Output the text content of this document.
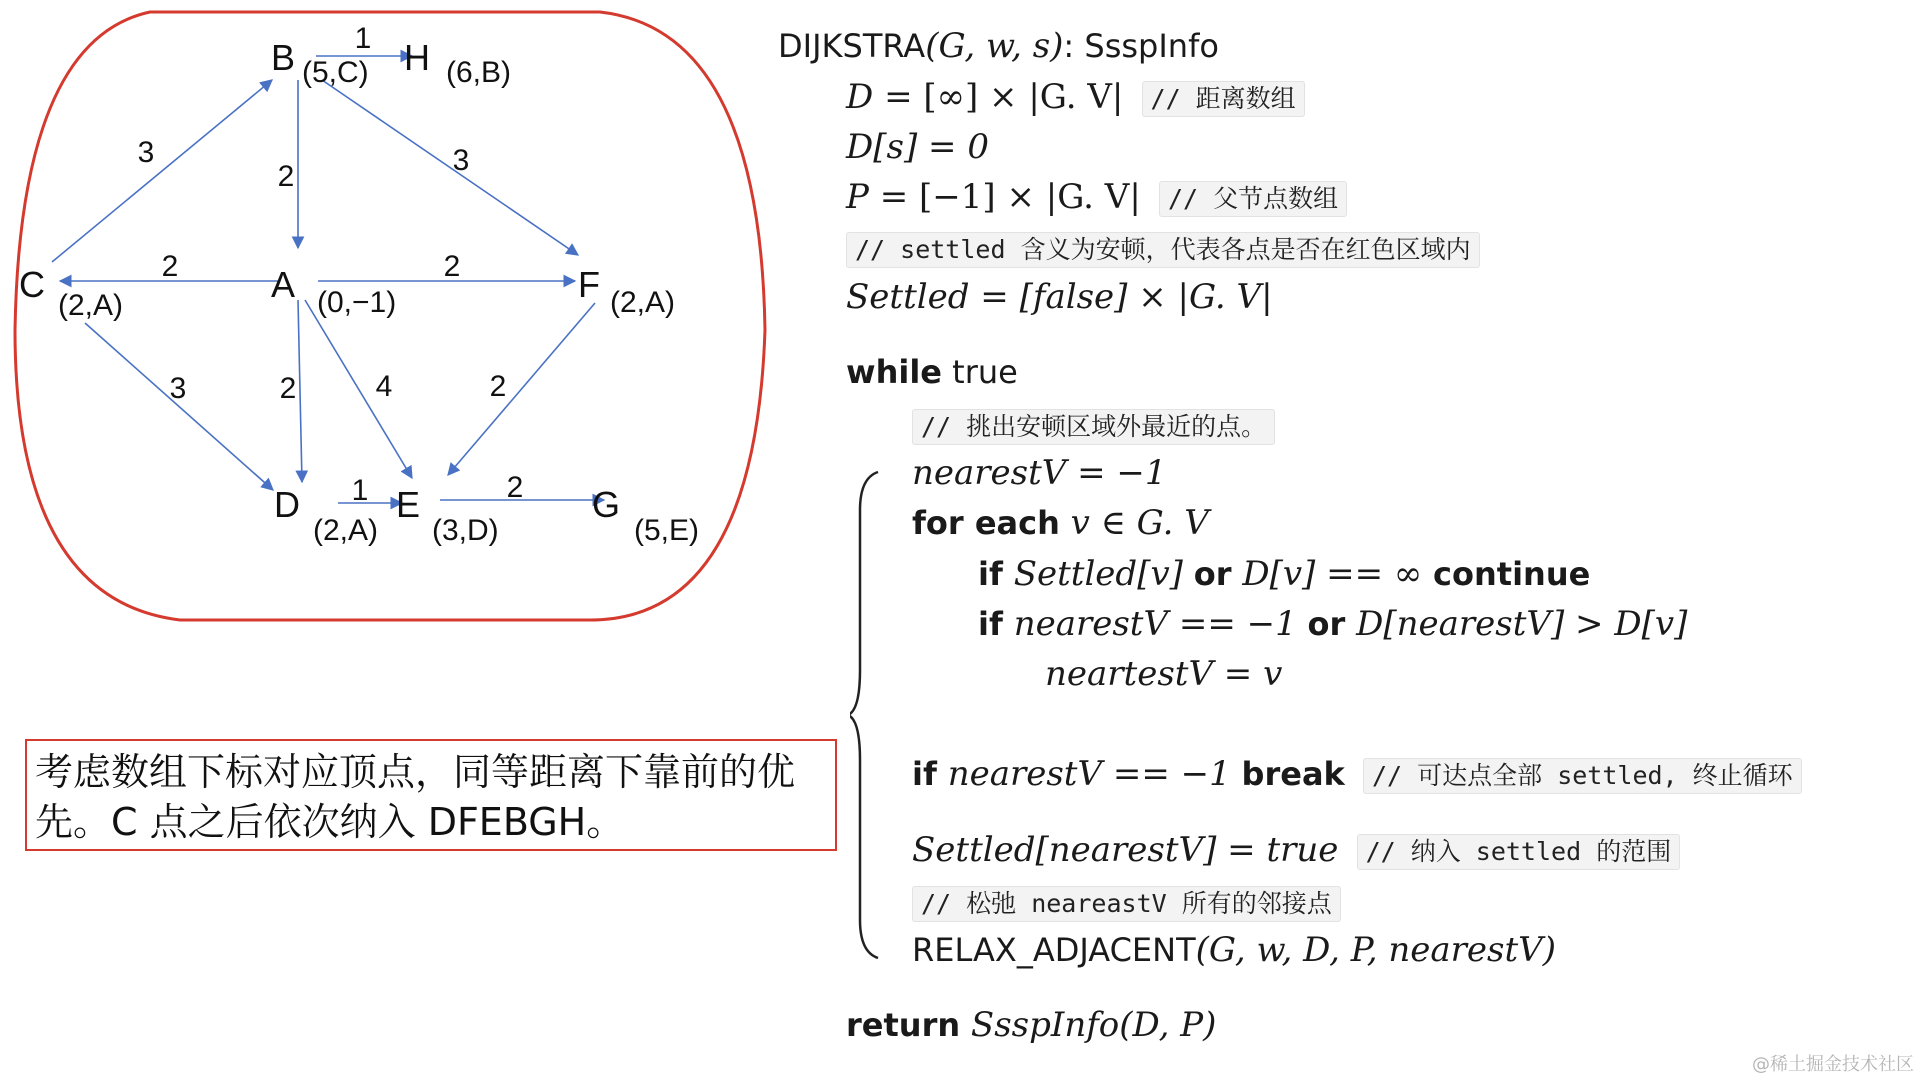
1
3
2	3
2	2
3	2	4	2
1	2
B (5,C) H (6,B)
C
(2,A)
A (0,−1)	F (2,A)
D
(2,A)
E
(3,D)
G
(5,E)
考虑数组下标对应顶点，同等距离下靠前的优
先。C 点之后依次纳入 DFEBGH。
DIJKSTRA(G, w, s): SsspInfo
D = [∞] × |G. V| // 距离数组
D[s] = 0
P = [−1] × |G. V| // 父节点数组
// settled 含义为安顿，代表各点是否在红色区域内
Settled = [false] × |G. V|
while true
// 挑出安顿区域外最近的点。
nearestV = −1
for each v ∈ G. V
if Settled[v] or D[v] == ∞ continue
if nearestV == −1 or D[nearestV] > D[v]
neartestV = v
if nearestV == −1 break // 可达点全部 settled, 终止循环
Settled[nearestV] = true // 纳入 settled 的范围
// 松弛 neareastV 所有的邻接点
RELAX_ADJACENT(G, w, D, P, nearestV)
return SsspInfo(D, P)
@稀土掘金技术社区
